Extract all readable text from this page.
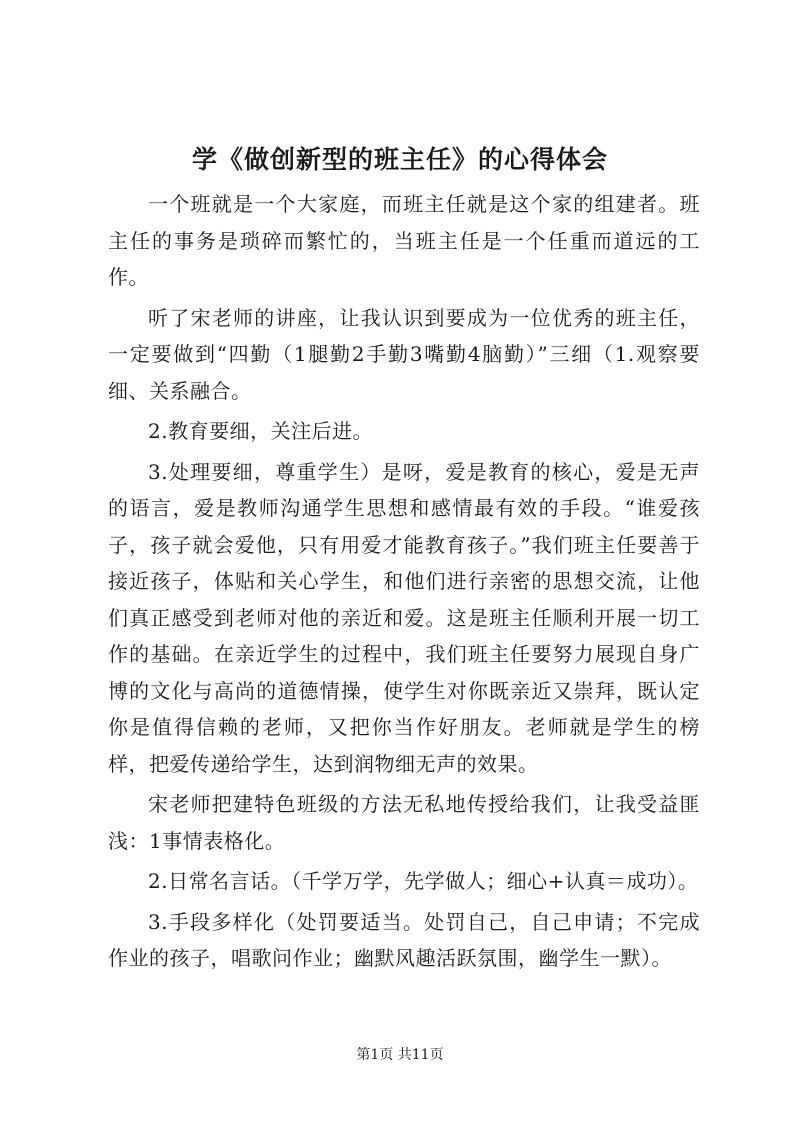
学《做创新型的班主任》的心得体会

一个班就是一个大家庭，而班主任就是这个家的组建者。班主任的事务是琐碎而繁忙的，当班主任是一个任重而道远的工作。

听了宋老师的讲座，让我认识到要成为一位优秀的班主任，一定要做到“四勤（1腿勤2手勤3嘴勤4脑勤）”三细（1.观察要细、关系融合。

2.教育要细，关注后进。

3.处理要细，尊重学生）是呀，爱是教育的核心，爱是无声的语言，爱是教师沟通学生思想和感情最有效的手段。“谁爱孩子，孩子就会爱他，只有用爱才能教育孩子。”我们班主任要善于接近孩子，体贴和关心学生，和他们进行亲密的思想交流，让他们真正感受到老师对他的亲近和爱。这是班主任顺利开展一切工作的基础。在亲近学生的过程中，我们班主任要努力展现自身广博的文化与高尚的道德情操，使学生对你既亲近又崇拜，既认定你是值得信赖的老师，又把你当作好朋友。老师就是学生的榜样，把爱传递给学生，达到润物细无声的效果。

宋老师把建特色班级的方法无私地传授给我们，让我受益匪浅：1事情表格化。

2.日常名言话。（千学万学，先学做人；细心+认真＝成功）。

3.手段多样化（处罚要适当。处罚自己，自己申请；不完成作业的孩子，唱歌问作业；幽默风趣活跃氛围，幽学生一默）。

第1页 共11页
